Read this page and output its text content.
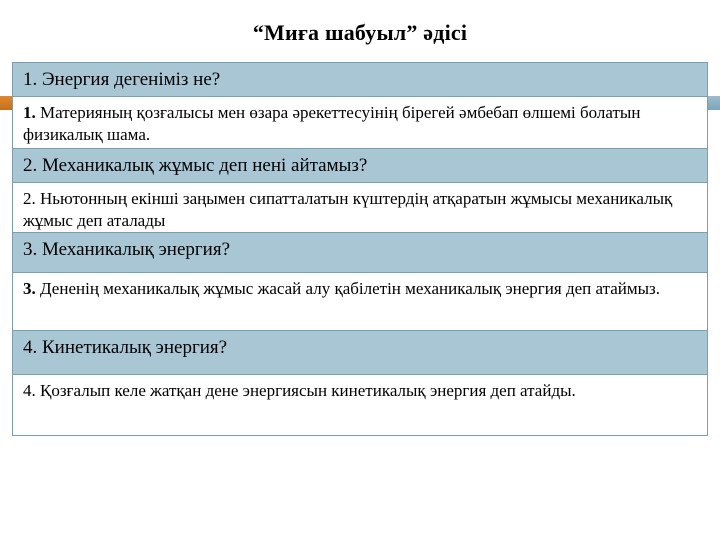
“Миға шабуыл” әдісі
1. Энергия дегеніміз не?
1. Материяның қозғалысы мен өзара әрекеттесуінің бірегей әмбебап өлшемі болатын физикалық шама.
2. Механикалық жұмыс деп нені айтамыз?
2. Ньютонның екінші заңымен сипатталатын күштердің атқаратын жұмысы механикалық жұмыс деп аталады
3. Механикалық энергия?
3. Дененің механикалық жұмыс жасай алу қабілетін механикалық энергия деп атаймыз.
4. Кинетикалық энергия?
4. Қозғалып келе жатқан дене энергиясын кинетикалық энергия деп атайды.
